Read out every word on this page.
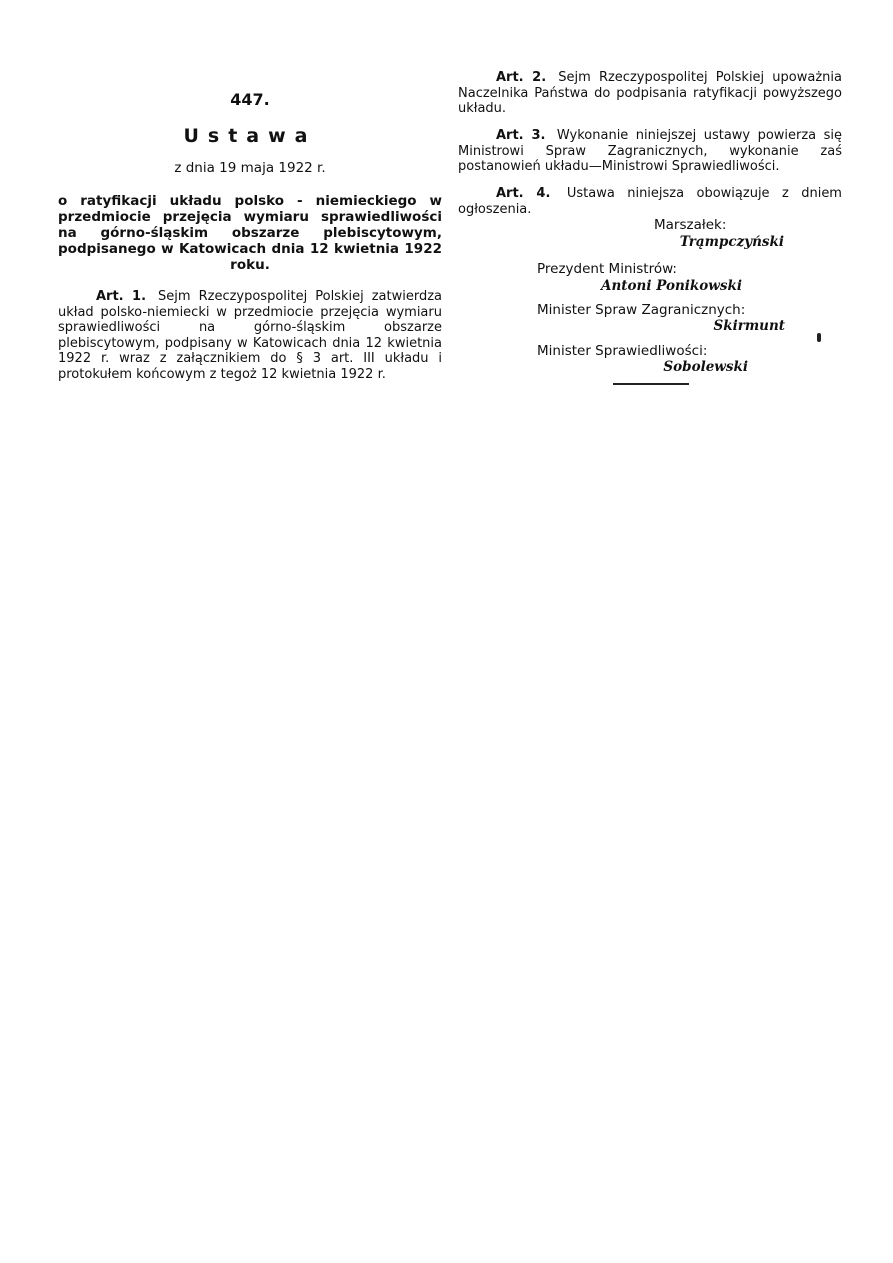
447.
Ustawa
z dnia 19 maja 1922 r.
o ratyfikacji układu polsko - niemieckiego w przedmiocie przejęcia wymiaru sprawiedliwości na górno-śląskim obszarze plebiscytowym, podpisanego w Katowicach dnia 12 kwietnia 1922 roku.

Art. 1. Sejm Rzeczypospolitej Polskiej zatwierdza układ polsko-niemiecki w przedmiocie przejęcia wymiaru sprawiedliwości na górno-śląskim obszarze plebiscytowym, podpisany w Katowicach dnia 12 kwietnia 1922 r. wraz z załącznikiem do § 3 art. III układu i protokułem końcowym z tegoż 12 kwietnia 1922 r.

Art. 2. Sejm Rzeczypospolitej Polskiej upoważnia Naczelnika Państwa do podpisania ratyfikacji powyższego układu.

Art. 3. Wykonanie niniejszej ustawy powierza się Ministrowi Spraw Zagranicznych, wykonanie zaś postanowień układu—Ministrowi Sprawiedliwości.

Art. 4. Ustawa niniejsza obowiązuje z dniem ogłoszenia.

Marszałek:
Trąmpczyński
Prezydent Ministrów:
Antoni Ponikowski
Minister Spraw Zagranicznych:
Skirmunt
Minister Sprawiedliwości:
Sobolewski
